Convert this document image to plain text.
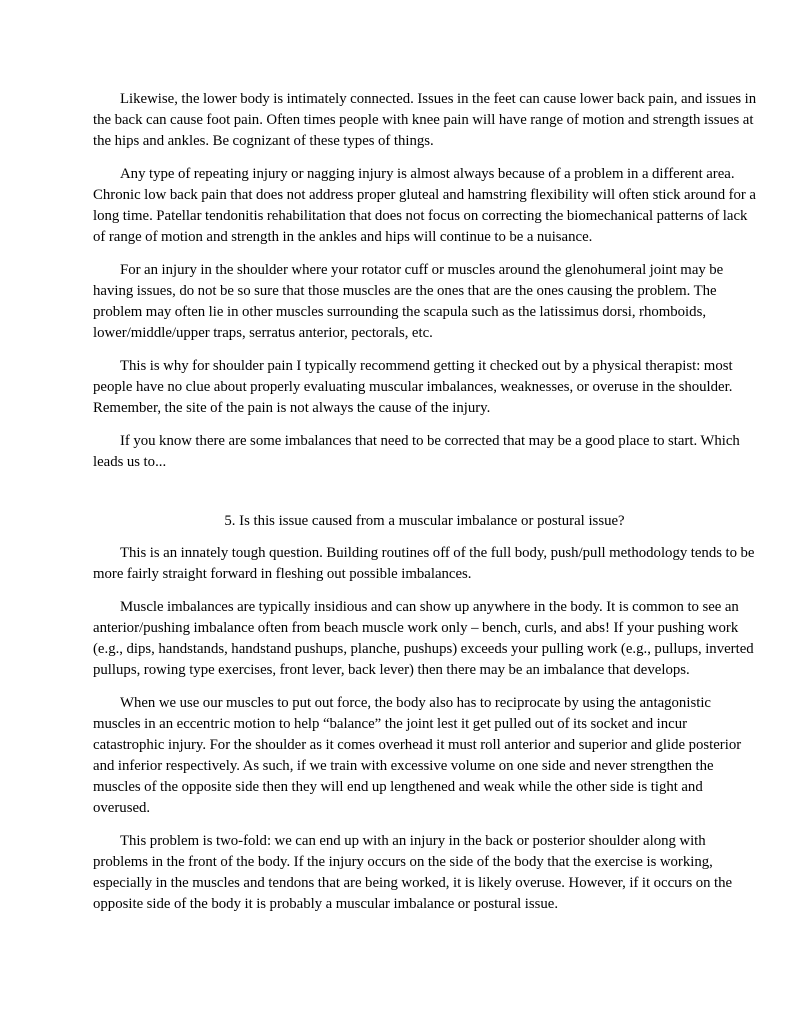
Likewise, the lower body is intimately connected. Issues in the feet can cause lower back pain, and issues in the back can cause foot pain. Often times people with knee pain will have range of motion and strength issues at the hips and ankles. Be cognizant of these types of things.

Any type of repeating injury or nagging injury is almost always because of a problem in a different area. Chronic low back pain that does not address proper gluteal and hamstring flexibility will often stick around for a long time. Patellar tendonitis rehabilitation that does not focus on correcting the biomechanical patterns of lack of range of motion and strength in the ankles and hips will continue to be a nuisance.

For an injury in the shoulder where your rotator cuff or muscles around the glenohumeral joint may be having issues, do not be so sure that those muscles are the ones that are the ones causing the problem. The problem may often lie in other muscles surrounding the scapula such as the latissimus dorsi, rhomboids, lower/middle/upper traps, serratus anterior, pectorals, etc.

This is why for shoulder pain I typically recommend getting it checked out by a physical therapist: most people have no clue about properly evaluating muscular imbalances, weaknesses, or overuse in the shoulder. Remember, the site of the pain is not always the cause of the injury.

If you know there are some imbalances that need to be corrected that may be a good place to start. Which leads us to...

5. Is this issue caused from a muscular imbalance or postural issue?

This is an innately tough question. Building routines off of the full body, push/pull methodology tends to be more fairly straight forward in fleshing out possible imbalances.

Muscle imbalances are typically insidious and can show up anywhere in the body. It is common to see an anterior/pushing imbalance often from beach muscle work only – bench, curls, and abs! If your pushing work (e.g., dips, handstands, handstand pushups, planche, pushups) exceeds your pulling work (e.g., pullups, inverted pullups, rowing type exercises, front lever, back lever) then there may be an imbalance that develops.

When we use our muscles to put out force, the body also has to reciprocate by using the antagonistic muscles in an eccentric motion to help “balance” the joint lest it get pulled out of its socket and incur catastrophic injury. For the shoulder as it comes overhead it must roll anterior and superior and glide posterior and inferior respectively. As such, if we train with excessive volume on one side and never strengthen the muscles of the opposite side then they will end up lengthened and weak while the other side is tight and overused.

This problem is two-fold: we can end up with an injury in the back or posterior shoulder along with problems in the front of the body. If the injury occurs on the side of the body that the exercise is working, especially in the muscles and tendons that are being worked, it is likely overuse. However, if it occurs on the opposite side of the body it is probably a muscular imbalance or postural issue.
